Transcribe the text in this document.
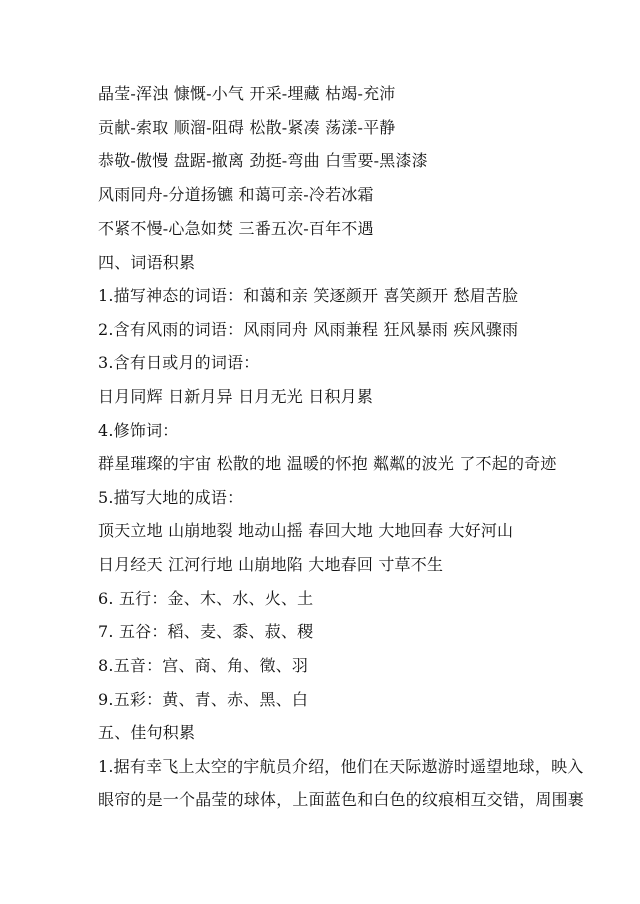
晶莹-浑浊 慷慨-小气 开采-埋藏 枯竭-充沛
贡献-索取 顺溜-阻碍 松散-紧凑 荡漾-平静
恭敬-傲慢 盘踞-撤离 劲挺-弯曲 白雪要-黑漆漆
风雨同舟-分道扬镳 和蔼可亲-冷若冰霜
不紧不慢-心急如焚 三番五次-百年不遇
四、词语积累
1.描写神态的词语：和蔼和亲 笑逐颜开 喜笑颜开 愁眉苦脸
2.含有风雨的词语：风雨同舟 风雨兼程 狂风暴雨 疾风骤雨
3.含有日或月的词语：
日月同辉 日新月异 日月无光 日积月累
4.修饰词：
群星璀璨的宇宙 松散的地 温暖的怀抱 粼粼的波光 了不起的奇迹
5.描写大地的成语：
顶天立地 山崩地裂 地动山摇 春回大地 大地回春 大好河山
日月经天 江河行地 山崩地陷 大地春回 寸草不生
6. 五行：金、木、水、火、土
7. 五谷：稻、麦、黍、菽、稷
8.五音：宫、商、角、徵、羽
9.五彩：黄、青、赤、黑、白
五、佳句积累
1.据有幸飞上太空的宇航员介绍，他们在天际遨游时遥望地球，映入
眼帘的是一个晶莹的球体，上面蓝色和白色的纹痕相互交错，周围裹
